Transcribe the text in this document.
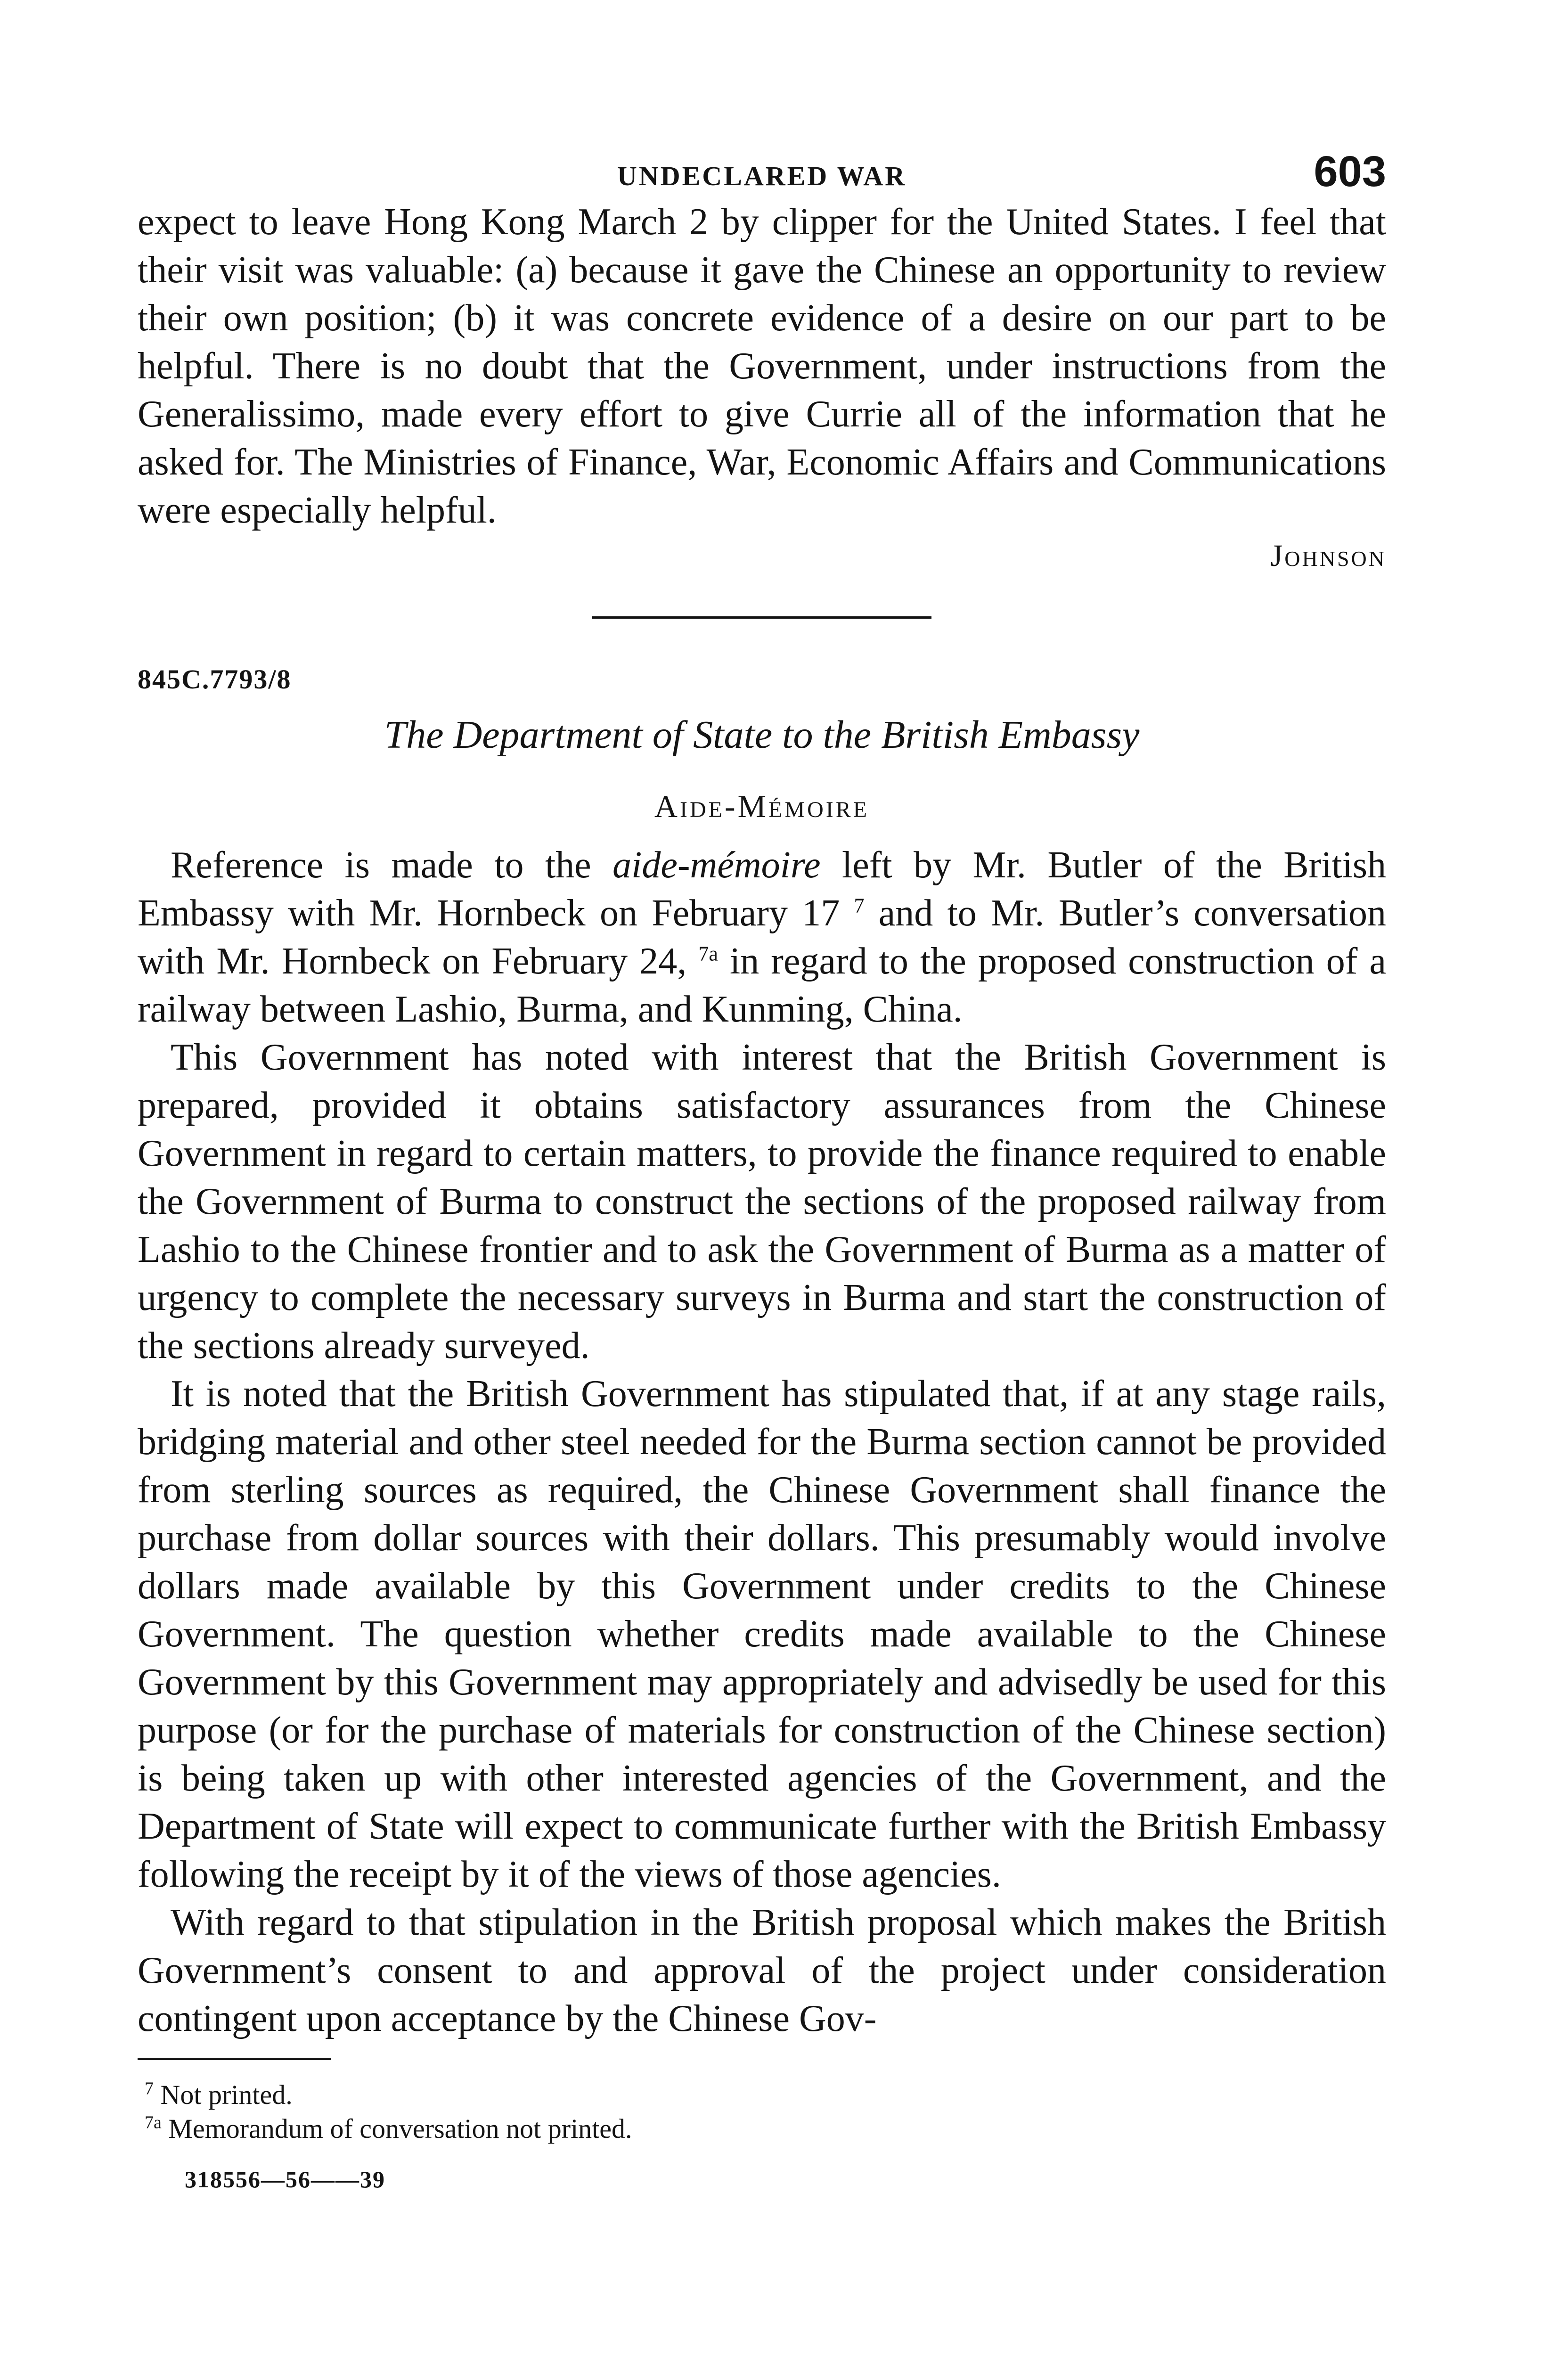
UNDECLARED WAR	603

expect to leave Hong Kong March 2 by clipper for the United States. I feel that their visit was valuable: (a) because it gave the Chinese an opportunity to review their own position; (b) it was concrete evidence of a desire on our part to be helpful. There is no doubt that the Government, under instructions from the Generalissimo, made every effort to give Currie all of the information that he asked for. The Ministries of Finance, War, Economic Affairs and Communications were especially helpful.

Johnson
845C.7793/8
The Department of State to the British Embassy
Aide-Mémoire

Reference is made to the aide-mémoire left by Mr. Butler of the British Embassy with Mr. Hornbeck on February 17 $^7$ and to Mr. Butler’s conversation with Mr. Hornbeck on February 24, $^{7a}$ in regard to the proposed construction of a railway between Lashio, Burma, and Kunming, China.

This Government has noted with interest that the British Government is prepared, provided it obtains satisfactory assurances from the Chinese Government in regard to certain matters, to provide the finance required to enable the Government of Burma to construct the sections of the proposed railway from Lashio to the Chinese frontier and to ask the Government of Burma as a matter of urgency to complete the necessary surveys in Burma and start the construction of the sections already surveyed.

It is noted that the British Government has stipulated that, if at any stage rails, bridging material and other steel needed for the Burma section cannot be provided from sterling sources as required, the Chinese Government shall finance the purchase from dollar sources with their dollars. This presumably would involve dollars made available by this Government under credits to the Chinese Government. The question whether credits made available to the Chinese Government by this Government may appropriately and advisedly be used for this purpose (or for the purchase of materials for construction of the Chinese section) is being taken up with other interested agencies of the Government, and the Department of State will expect to communicate further with the British Embassy following the receipt by it of the views of those agencies.

With regard to that stipulation in the British proposal which makes the British Government’s consent to and approval of the project under consideration contingent upon acceptance by the Chinese Gov-

$^7$ Not printed.
$^{7a}$ Memorandum of conversation not printed.
318556—56——39
